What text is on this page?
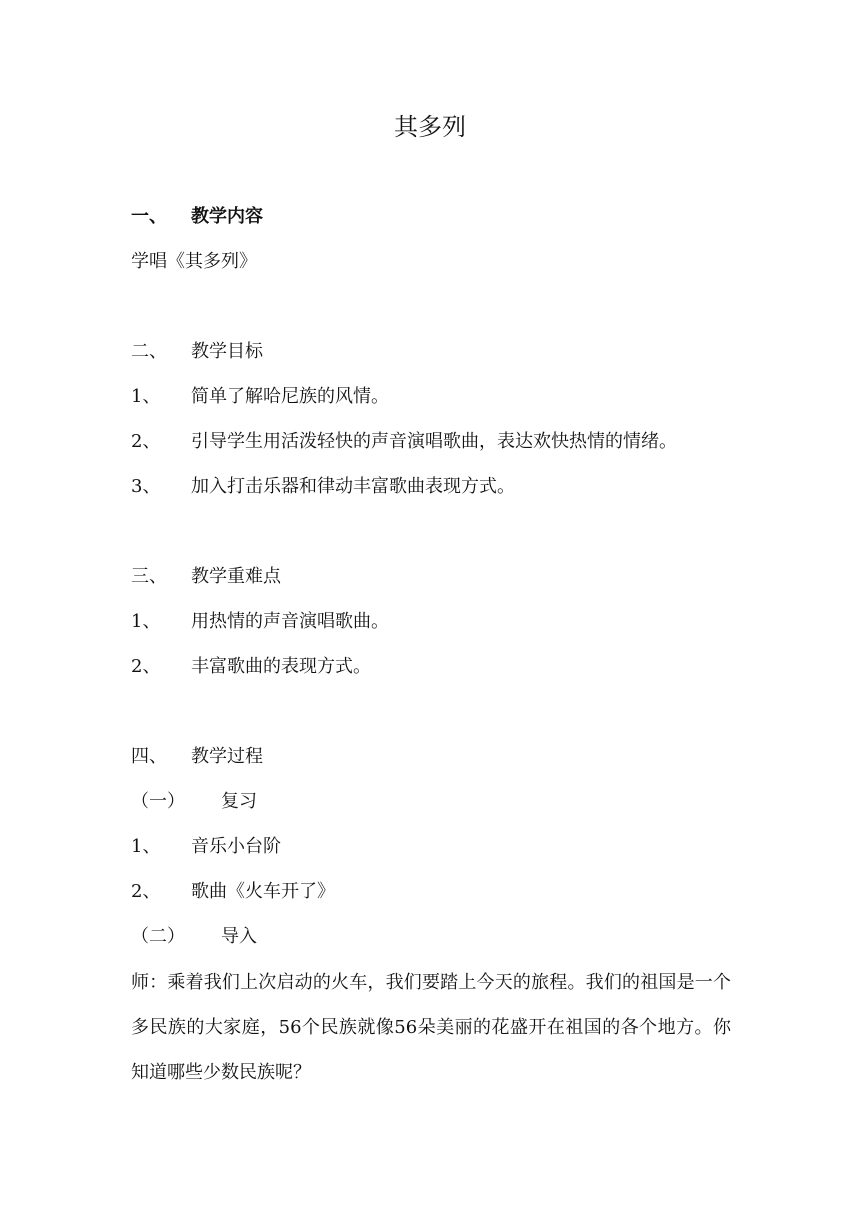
其多列
一、 教学内容
学唱《其多列》
二、 教学目标
1、 简单了解哈尼族的风情。
2、 引导学生用活泼轻快的声音演唱歌曲，表达欢快热情的情绪。
3、 加入打击乐器和律动丰富歌曲表现方式。
三、 教学重难点
1、 用热情的声音演唱歌曲。
2、 丰富歌曲的表现方式。
四、 教学过程
（一） 复习
1、 音乐小台阶
2、 歌曲《火车开了》
（二） 导入
师：乘着我们上次启动的火车，我们要踏上今天的旅程。我们的祖国是一个多民族的大家庭，56个民族就像56朵美丽的花盛开在祖国的各个地方。你知道哪些少数民族呢？
